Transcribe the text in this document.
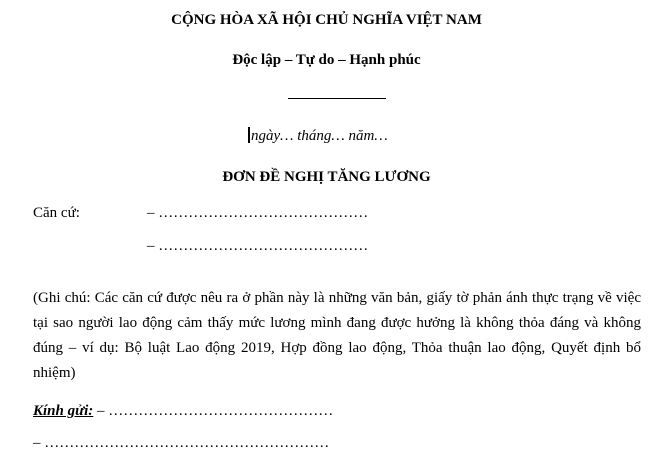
CỘNG HÒA XÃ HỘI CHỦ NGHĨA VIỆT NAM
Độc lập – Tự do – Hạnh phúc
ngày… tháng… năm…
ĐƠN ĐỀ NGHỊ TĂNG LƯƠNG
Căn cứ:	– ……………………………………
– ……………………………………
(Ghi chú: Các căn cứ được nêu ra ở phần này là những văn bản, giấy tờ phản ánh thực trạng về việc tại sao người lao động cảm thấy mức lương mình đang được hưởng là không thỏa đáng và không đúng – ví dụ: Bộ luật Lao động 2019, Hợp đồng lao động, Thỏa thuận lao động, Quyết định bổ nhiệm)
Kính gửi: – ………………………………………
– …………………………………………………
